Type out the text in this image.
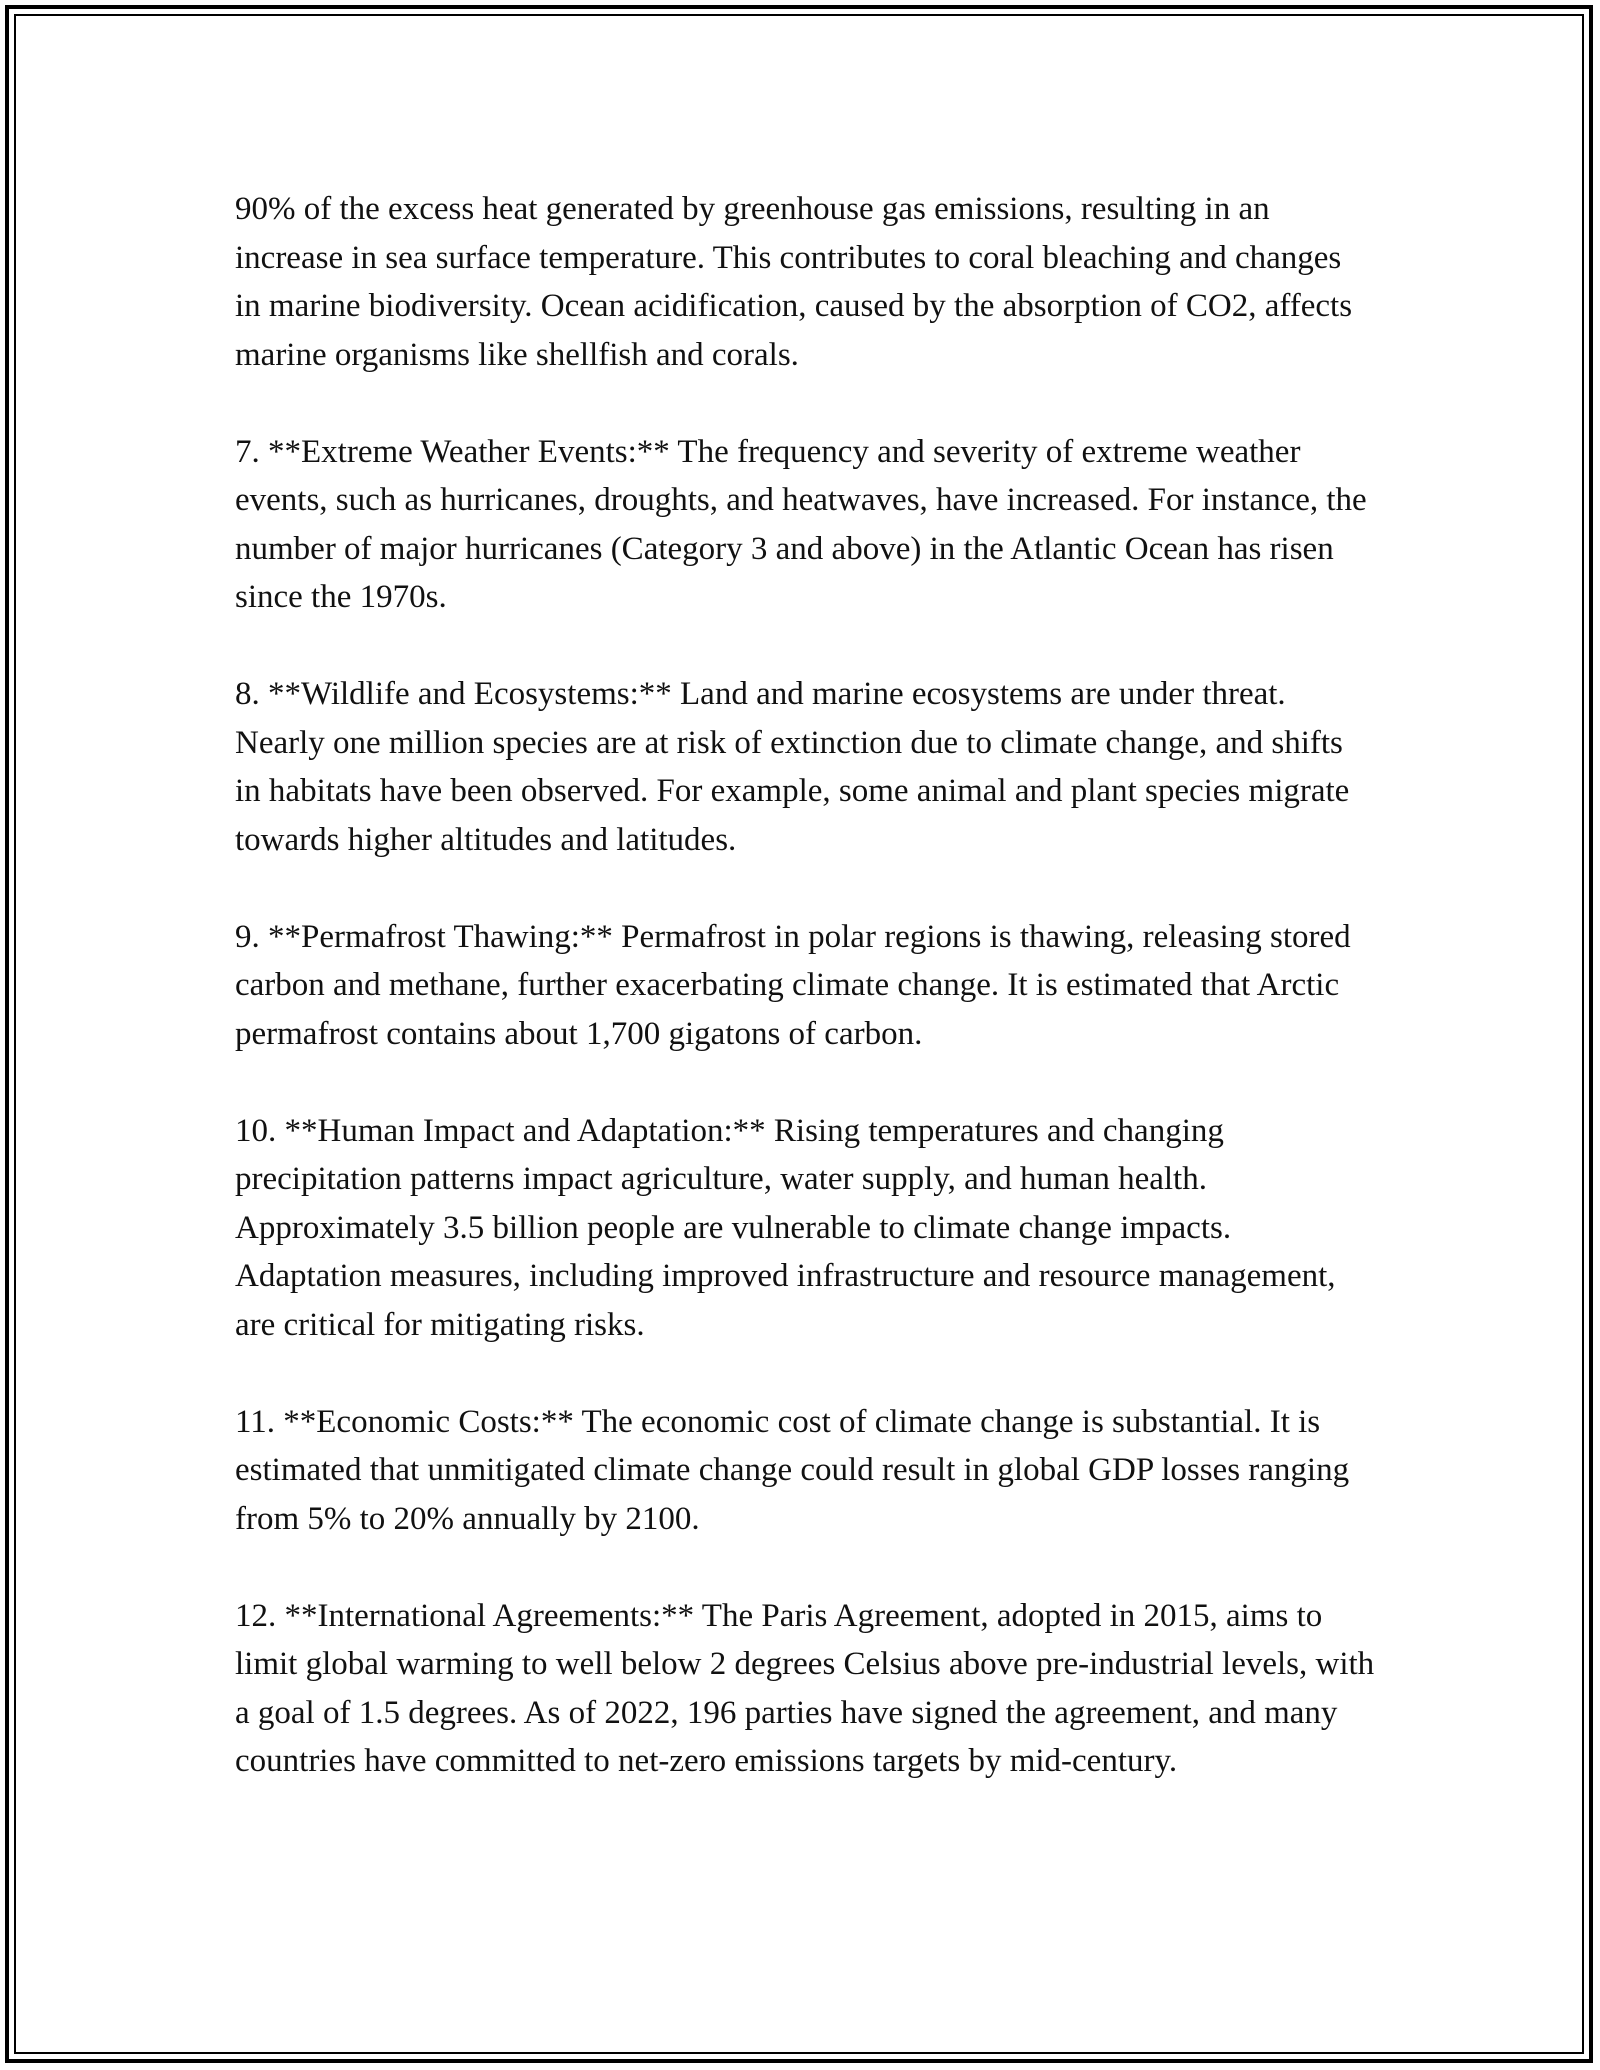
90% of the excess heat generated by greenhouse gas emissions, resulting in an increase in sea surface temperature. This contributes to coral bleaching and changes in marine biodiversity. Ocean acidification, caused by the absorption of CO2, affects marine organisms like shellfish and corals.

7. **Extreme Weather Events:** The frequency and severity of extreme weather events, such as hurricanes, droughts, and heatwaves, have increased. For instance, the number of major hurricanes (Category 3 and above) in the Atlantic Ocean has risen since the 1970s.

8. **Wildlife and Ecosystems:** Land and marine ecosystems are under threat. Nearly one million species are at risk of extinction due to climate change, and shifts in habitats have been observed. For example, some animal and plant species migrate towards higher altitudes and latitudes.

9. **Permafrost Thawing:** Permafrost in polar regions is thawing, releasing stored carbon and methane, further exacerbating climate change. It is estimated that Arctic permafrost contains about 1,700 gigatons of carbon.

10. **Human Impact and Adaptation:** Rising temperatures and changing precipitation patterns impact agriculture, water supply, and human health. Approximately 3.5 billion people are vulnerable to climate change impacts. Adaptation measures, including improved infrastructure and resource management, are critical for mitigating risks.

11. **Economic Costs:** The economic cost of climate change is substantial. It is estimated that unmitigated climate change could result in global GDP losses ranging from 5% to 20% annually by 2100.

12. **International Agreements:** The Paris Agreement, adopted in 2015, aims to limit global warming to well below 2 degrees Celsius above pre-industrial levels, with a goal of 1.5 degrees. As of 2022, 196 parties have signed the agreement, and many countries have committed to net-zero emissions targets by mid-century.
